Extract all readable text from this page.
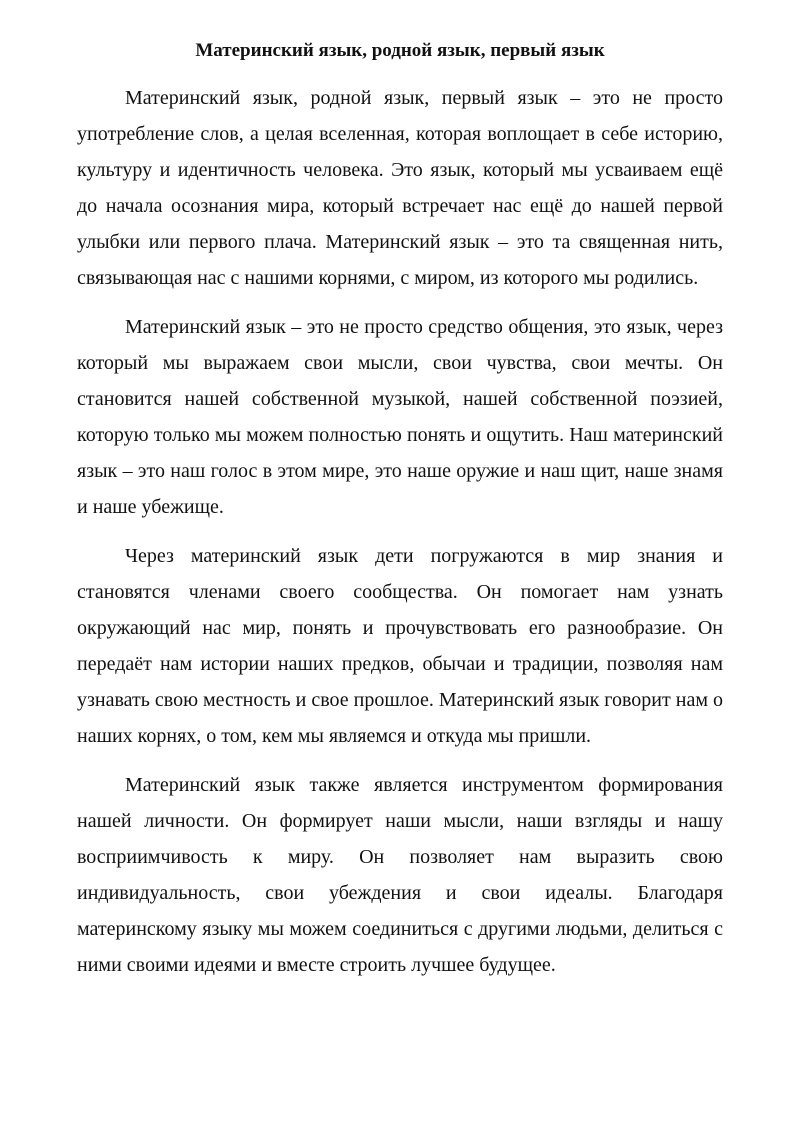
Материнский язык, родной язык, первый язык

Материнский язык, родной язык, первый язык – это не просто употребление слов, а целая вселенная, которая воплощает в себе историю, культуру и идентичность человека. Это язык, который мы усваиваем ещё до начала осознания мира, который встречает нас ещё до нашей первой улыбки или первого плача. Материнский язык – это та священная нить, связывающая нас с нашими корнями, с миром, из которого мы родились.

Материнский язык – это не просто средство общения, это язык, через который мы выражаем свои мысли, свои чувства, свои мечты. Он становится нашей собственной музыкой, нашей собственной поэзией, которую только мы можем полностью понять и ощутить. Наш материнский язык – это наш голос в этом мире, это наше оружие и наш щит, наше знамя и наше убежище.

Через материнский язык дети погружаются в мир знания и становятся членами своего сообщества. Он помогает нам узнать окружающий нас мир, понять и прочувствовать его разнообразие. Он передаёт нам истории наших предков, обычаи и традиции, позволяя нам узнавать свою местность и свое прошлое. Материнский язык говорит нам о наших корнях, о том, кем мы являемся и откуда мы пришли.

Материнский язык также является инструментом формирования нашей личности. Он формирует наши мысли, наши взгляды и нашу восприимчивость к миру. Он позволяет нам выразить свою индивидуальность, свои убеждения и свои идеалы. Благодаря материнскому языку мы можем соединиться с другими людьми, делиться с ними своими идеями и вместе строить лучшее будущее.
